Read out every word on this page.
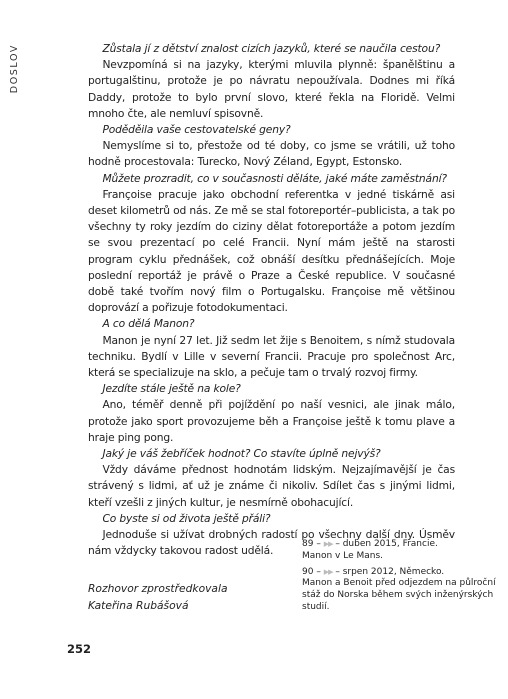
DOSLOV	Zůstala jí z dětství znalost cizích jazyků, které se naučila cestou?

Nevzpomíná si na jazyky, kterými mluvila plynně: španělštinu a portugalštinu, protože je po návratu nepoužívala. Dodnes mi říká Daddy, protože to bylo první slovo, které řekla na Floridě. Velmi mnoho čte, ale nemluví spisovně.

Poděděila vaše cestovatelské geny?

Nemyslíme si to, přestože od té doby, co jsme se vrátili, už toho hodně procestovala: Turecko, Nový Zéland, Egypt, Estonsko.

Můžete prozradit, co v současnosti děláte, jaké máte zaměstnání?

Françoise pracuje jako obchodní referentka v jedné tiskárně asi deset kilometrů od nás. Ze mě se stal fotoreportér–publicista, a tak po všechny ty roky jezdím do ciziny dělat fotoreportáže a potom jezdím se svou prezentací po celé Francii. Nyní mám ještě na starosti program cyklu přednášek, což obnáší desítku přednášejících. Moje poslední reportáž je právě o Praze a České republice. V současné době také tvořím nový film o Portugalsku. Françoise mě většinou doprovází a pořizuje fotodokumentaci.

A co dělá Manon?

Manon je nyní 27 let. Již sedm let žije s Benoitem, s nímž studovala techniku. Bydlí v Lille v severní Francii. Pracuje pro společnost Arc, která se specializuje na sklo, a pečuje tam o trvalý rozvoj firmy.

Jezdíte stále ještě na kole?

Ano, téměř denně při pojíždění po naší vesnici, ale jinak málo, protože jako sport provozujeme běh a Françoise ještě k tomu plave a hraje ping pong.

Jaký je váš žebříček hodnot? Co stavíte úplně nejvýš?

Vždy dáváme přednost hodnotám lidským. Nejzajímavější je čas strávený s lidmi, ať už je známe či nikoliv. Sdílet čas s jinými lidmi, kteří vzešli z jiných kultur, je nesmírně obohacující.

Co byste si od života ještě přáli?

Jednoduše si užívat drobných radostí po všechny další dny. Úsměv nám vždycky takovou radost udělá.

89 – ▶▶ – duben 2015, Francie.
Manon v Le Mans.

90 – ▶▶ – srpen 2012, Německo.
Manon a Benoit před odjezdem na půlroční stáž do Norska během svých inženýrských studií.

Rozhovor zprostředkovala
Kateřina Rubášová
252
